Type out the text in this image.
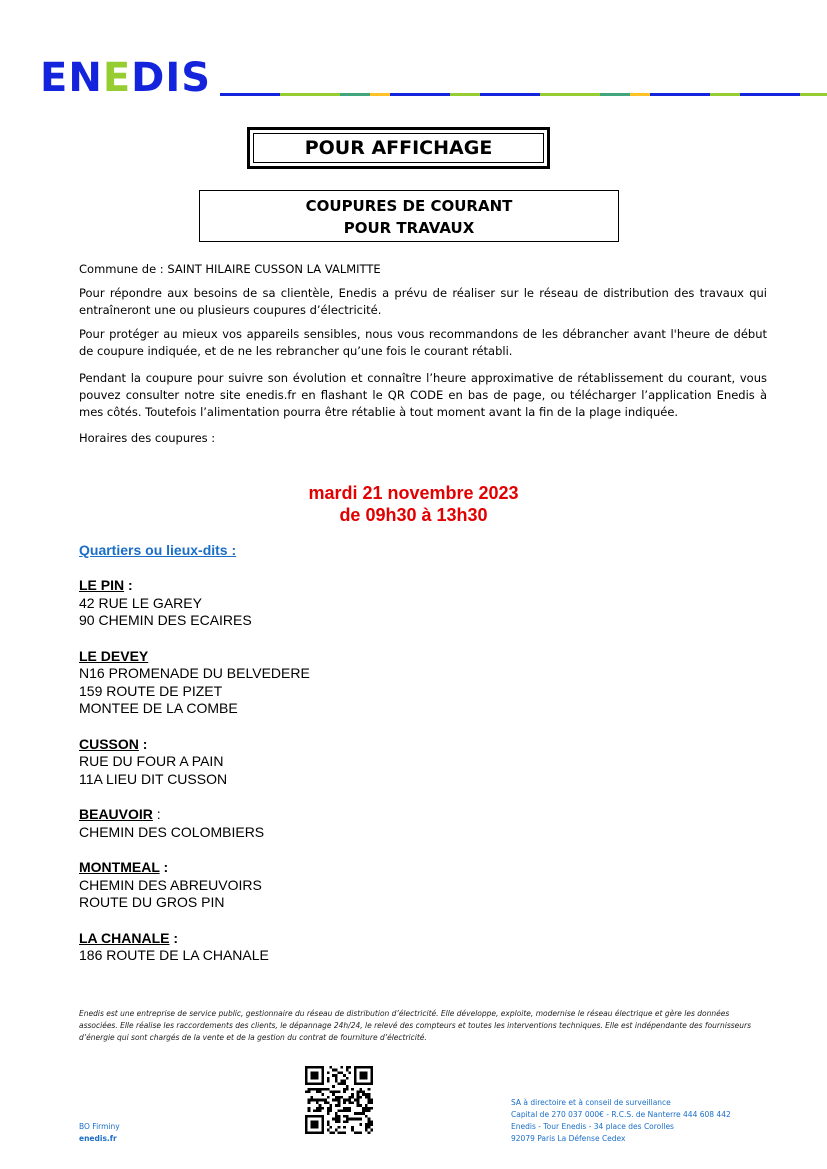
ENEDIS
POUR AFFICHAGE
COUPURES DE COURANT
POUR TRAVAUX
Commune de : SAINT HILAIRE CUSSON LA VALMITTE
Pour répondre aux besoins de sa clientèle, Enedis a prévu de réaliser sur le réseau de distribution des travaux qui entraîneront une ou plusieurs coupures d’électricité.
Pour protéger au mieux vos appareils sensibles, nous vous recommandons de les débrancher avant l'heure de début de coupure indiquée, et de ne les rebrancher qu’une fois le courant rétabli.
Pendant la coupure pour suivre son évolution et connaître l’heure approximative de rétablissement du courant, vous pouvez consulter notre site enedis.fr en flashant le QR CODE en bas de page, ou télécharger l’application Enedis à mes côtés. Toutefois l’alimentation pourra être rétablie à tout moment avant la fin de la plage indiquée.
Horaires des coupures :
mardi 21 novembre 2023
de 09h30 à 13h30
Quartiers ou lieux-dits :
LE PIN :
42 RUE LE GAREY
90 CHEMIN DES ECAIRES
LE DEVEY
N16 PROMENADE DU BELVEDERE
159 ROUTE DE PIZET
MONTEE DE LA COMBE
CUSSON :
RUE DU FOUR A PAIN
11A LIEU DIT CUSSON
BEAUVOIR :
CHEMIN DES COLOMBIERS
MONTMEAL :
CHEMIN DES ABREUVOIRS
ROUTE DU GROS PIN
LA CHANALE :
186 ROUTE DE LA CHANALE
Enedis est une entreprise de service public, gestionnaire du réseau de distribution d’électricité. Elle développe, exploite, modernise le réseau électrique et gère les données associées. Elle réalise les raccordements des clients, le dépannage 24h/24, le relevé des compteurs et toutes les interventions techniques. Elle est indépendante des fournisseurs d’énergie qui sont chargés de la vente et de la gestion du contrat de fourniture d’électricité.
SA à directoire et à conseil de surveillance
Capital de 270 037 000€ - R.C.S. de Nanterre 444 608 442
Enedis - Tour Enedis - 34 place des Corolles
92079 Paris La Défense Cedex
BO Firminy
enedis.fr
